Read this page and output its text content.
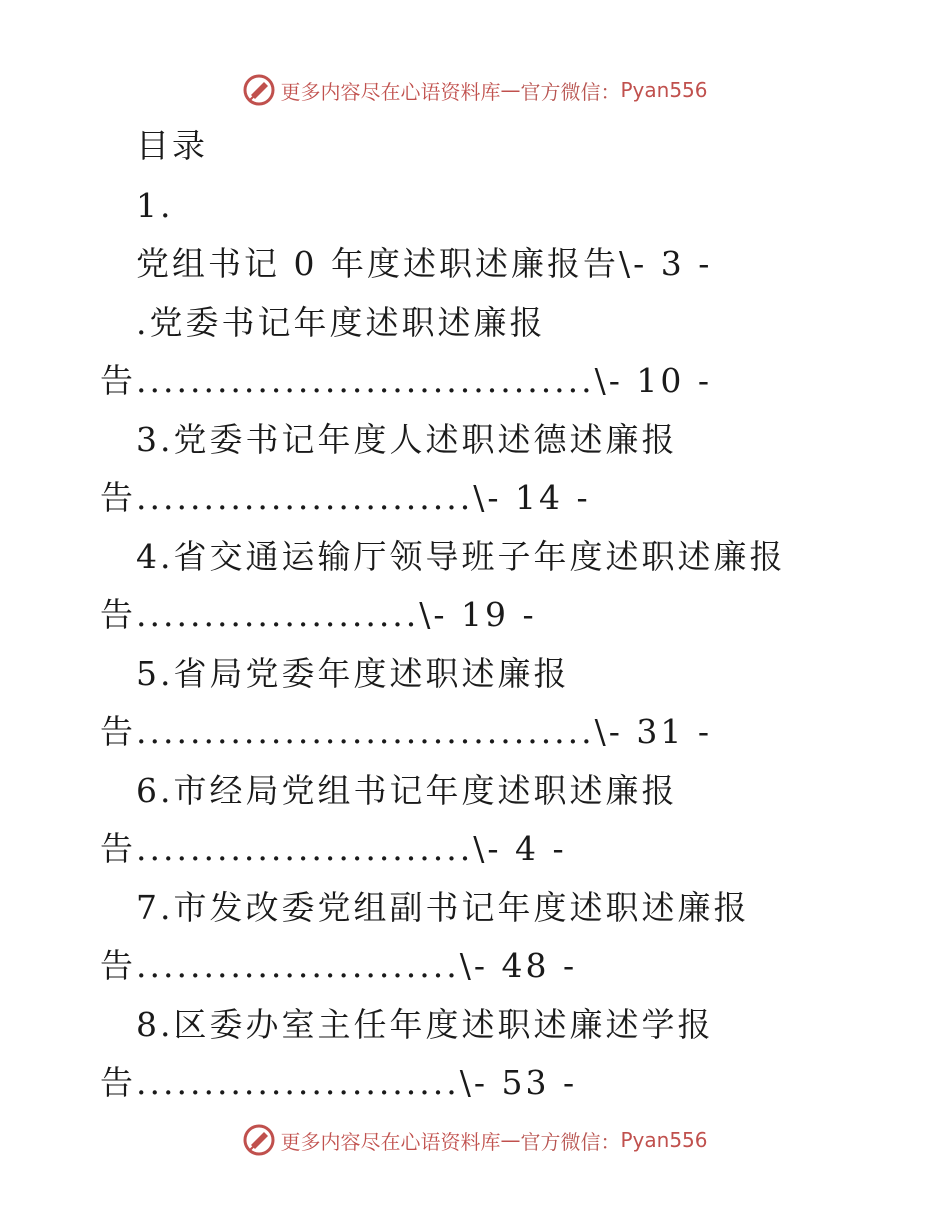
更多内容尽在心语资料库 — 官方微信： Pyan556
目录
1.
党组书记 0 年度述职述廉报告\- 3 -
.党委书记年度述职述廉报
告..................................\- 10 -
3.党委书记年度人述职述德述廉报
告.........................\- 14 -
4.省交通运输厅领导班子年度述职述廉报
告.....................\- 19 -
5.省局党委年度述职述廉报
告..................................\- 31 -
6.市经局党组书记年度述职述廉报
告.........................\- 4 -
7.市发改委党组副书记年度述职述廉报
告........................\- 48 -
8.区委办室主任年度述职述廉述学报
告........................\- 53 -
更多内容尽在心语资料库 — 官方微信： Pyan556
